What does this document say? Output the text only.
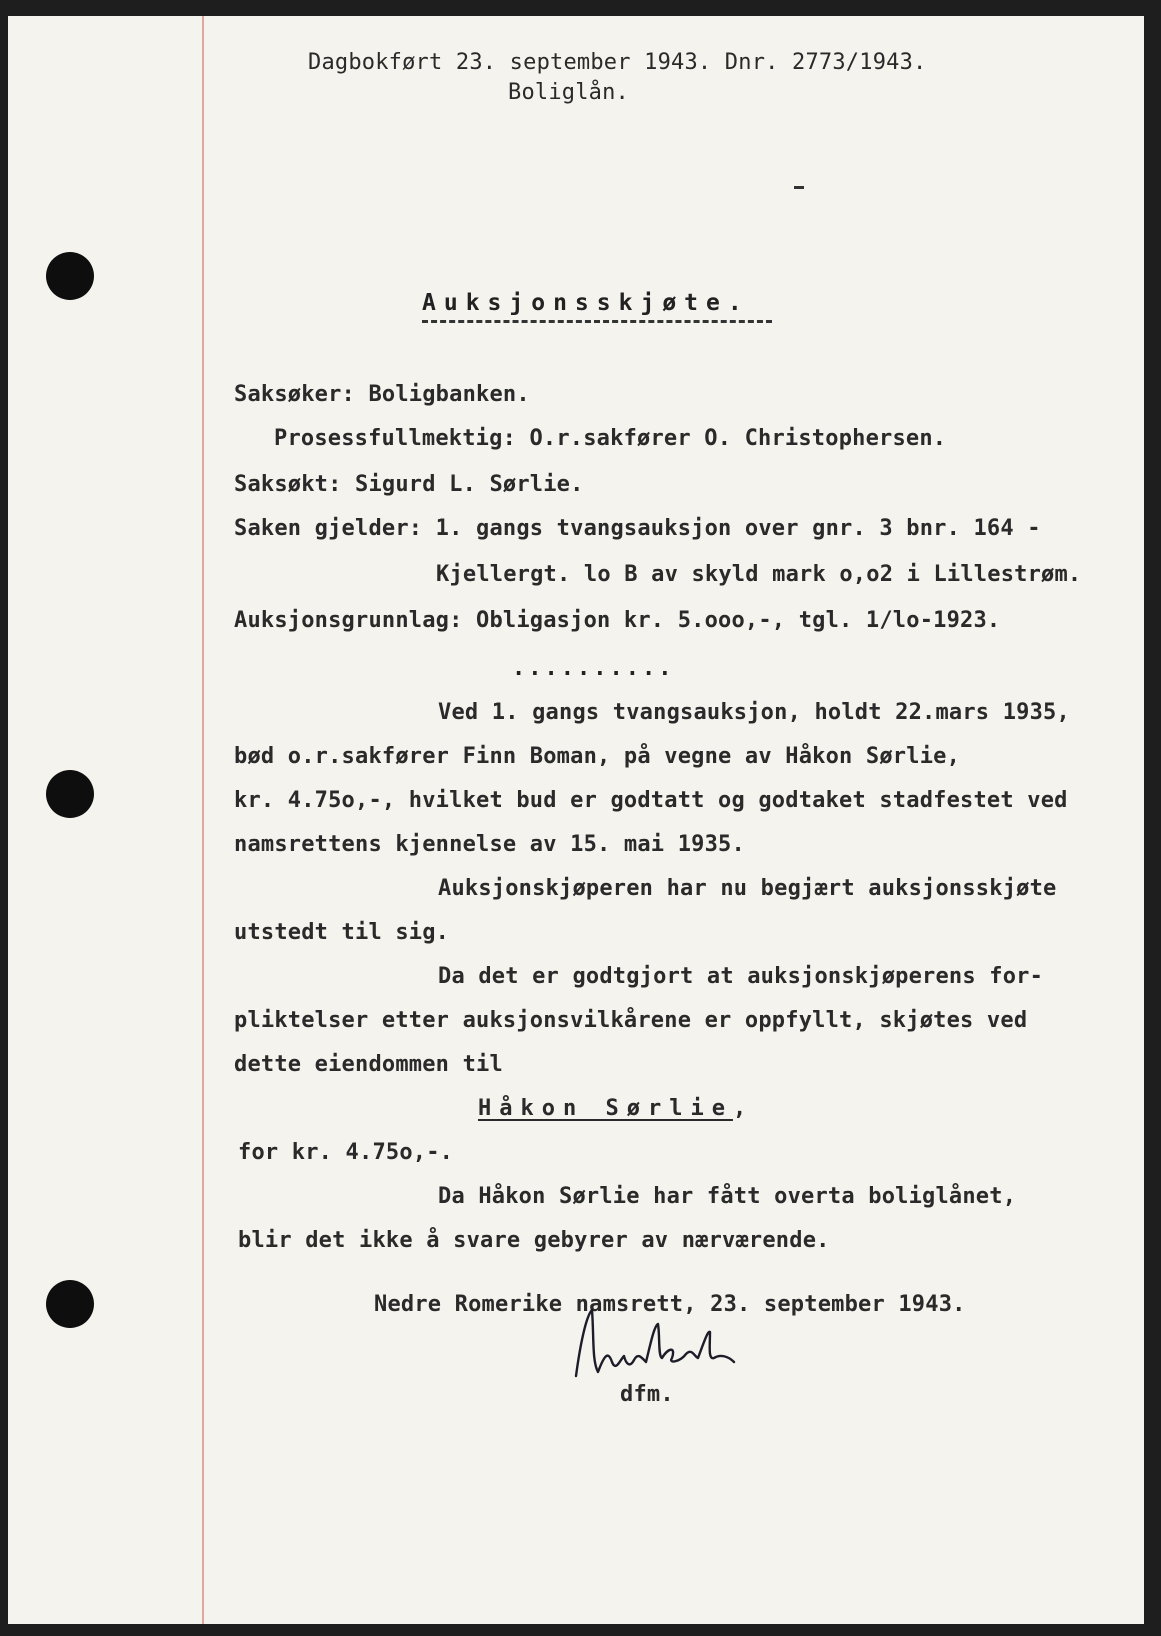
Dagbokført 23. september 1943. Dnr. 2773/1943.
Boliglån.
Auksjonsskjøte.
Saksøker: Boligbanken.
Prosessfullmektig: O.r.sakfører O. Christophersen.
Saksøkt: Sigurd L. Sørlie.
Saken gjelder: 1. gangs tvangsauksjon over gnr. 3 bnr. 164 -
Kjellergt. lo B av skyld mark o,o2 i Lillestrøm.
Auksjonsgrunnlag: Obligasjon kr. 5.ooo,-, tgl. 1/lo-1923.
..........
Ved 1. gangs tvangsauksjon, holdt 22.mars 1935,
bød o.r.sakfører Finn Boman, på vegne av Håkon Sørlie,
kr. 4.75o,-, hvilket bud er godtatt og godtaket stadfestet ved
namsrettens kjennelse av 15. mai 1935.
Auksjonskjøperen har nu begjært auksjonsskjøte
utstedt til sig.
Da det er godtgjort at auksjonskjøperens for-
pliktelser etter auksjonsvilkårene er oppfyllt, skjøtes ved
dette eiendommen til
Håkon Sørlie,
for kr. 4.75o,-.
Da Håkon Sørlie har fått overta boliglånet,
blir det ikke å svare gebyrer av nærværende.
Nedre Romerike namsrett, 23. september 1943.
dfm.
